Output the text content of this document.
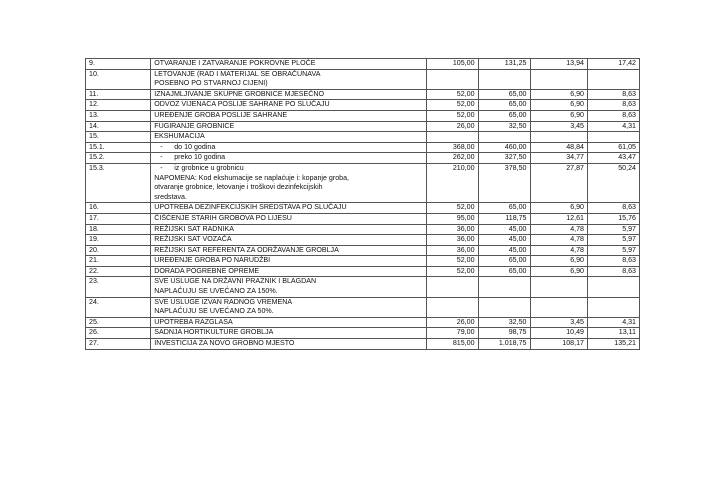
9.	OTVARANJE I ZATVARANJE POKROVNE PLOČE	105,00	131,25	13,94	17,42
10.	LETOVANJE (RAD I MATERIJAL SE OBRAČUNAVA
POSEBNO PO STVARNOJ CIJENI)				

11.	IZNAJMLJIVANJE SKUPNE GROBNICE MJESEČNO	52,00	65,00	6,90	8,63
12.	ODVOZ VIJENACA POSLIJE SAHRANE PO SLUČAJU	52,00	65,00	6,90	8,63
13.	UREĐENJE GROBA POSLIJE SAHRANE	52,00	65,00	6,90	8,63
14.	FUGIRANJE GROBNICE	26,00	32,50	3,45	4,31
15.	EKSHUMACIJA				

15.1.	- do 10 godina	368,00	460,00	48,84	61,05
15.2.	- preko 10 godina	262,00	327,50	34,77	43,47
15.3.	- iz grobnice u grobnicu
NAPOMENA: Kod ekshumacije se naplaćuje i: kopanje groba,
otvaranje grobnice, letovanje i troškovi dezinfekcijskih
sredstava.	210,00	378,50	27,87	50,24
16.	UPOTREBA DEZINFEKCIJSKIH SREDSTAVA PO SLUČAJU	52,00	65,00	6,90	8,63
17.	ČIŠĆENJE STARIH GROBOVA PO LIJESU	95,00	118,75	12,61	15,76
18.	REŽIJSKI SAT RADNIKA	36,00	45,00	4,78	5,97
19.	REŽIJSKI SAT VOZAČA	36,00	45,00	4,78	5,97
20.	REŽIJSKI SAT REFERENTA ZA ODRŽAVANJE GROBLJA	36,00	45,00	4,78	5,97
21.	UREĐENJE GROBA PO NARUDŽBI	52,00	65,00	6,90	8,63
22.	DORADA POGREBNE OPREME	52,00	65,00	6,90	8,63
23.	SVE USLUGE NA DRŽAVNI PRAZNIK I BLAGDAN
NAPLAĆUJU SE UVEĆANO ZA 150%.				

24.	SVE USLUGE IZVAN RADNOG VREMENA
NAPLAĆUJU SE UVEĆANO ZA 50%.				

25.	UPOTREBA RAZGLASA	26,00	32,50	3,45	4,31
26.	SADNJA HORTIKULTURE GROBLJA	79,00	98,75	10,49	13,11
27.	INVESTICIJA ZA NOVO GROBNO MJESTO	815,00	1.018,75	108,17	135,21
